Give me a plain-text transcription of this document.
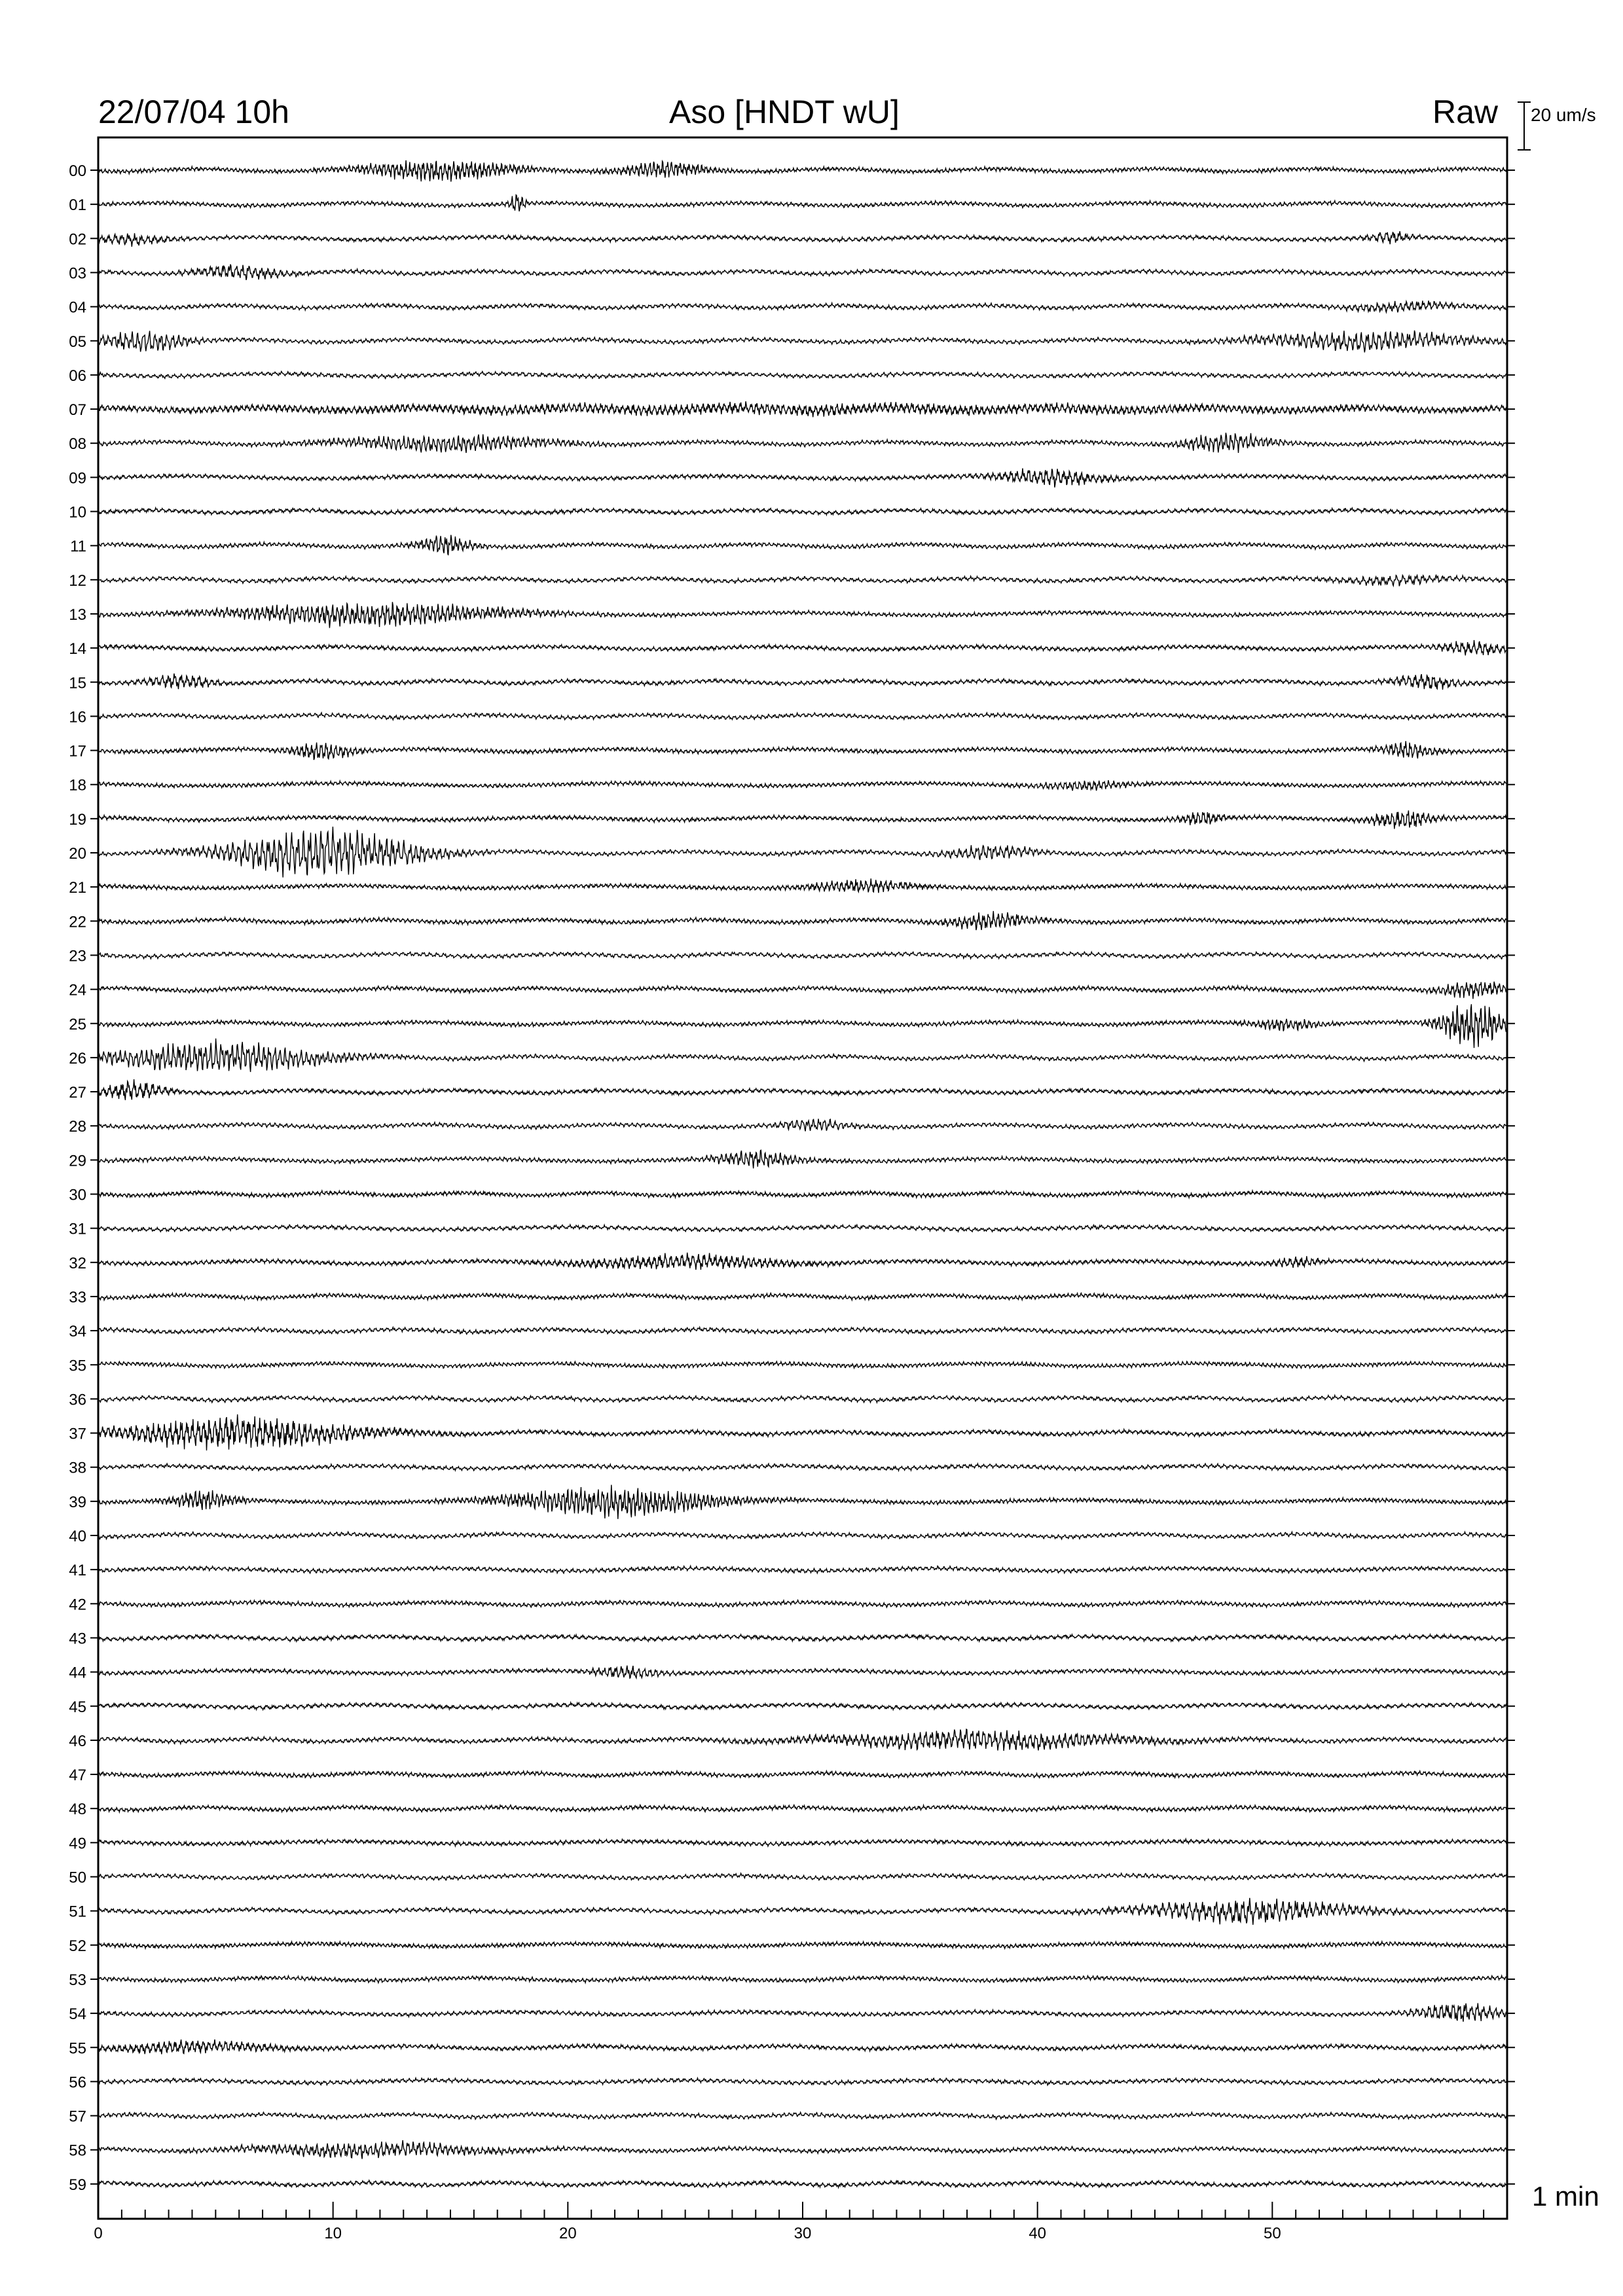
22/07/04 10h	Aso [HNDT wU]	Raw 20 um/s
1 min
00
01
02
03
04
05
06
07
08
09
10
11
12
13
14
15
16
17
18
19
20
21
22
23
24
25
26
27
28
29
30
31
32
33
34
35
36
37
38
39
40
41
42
43
44
45
46
47
48
49
50
51
52
53
54
55
56
57
58
59
0	10	20	30	40	50
